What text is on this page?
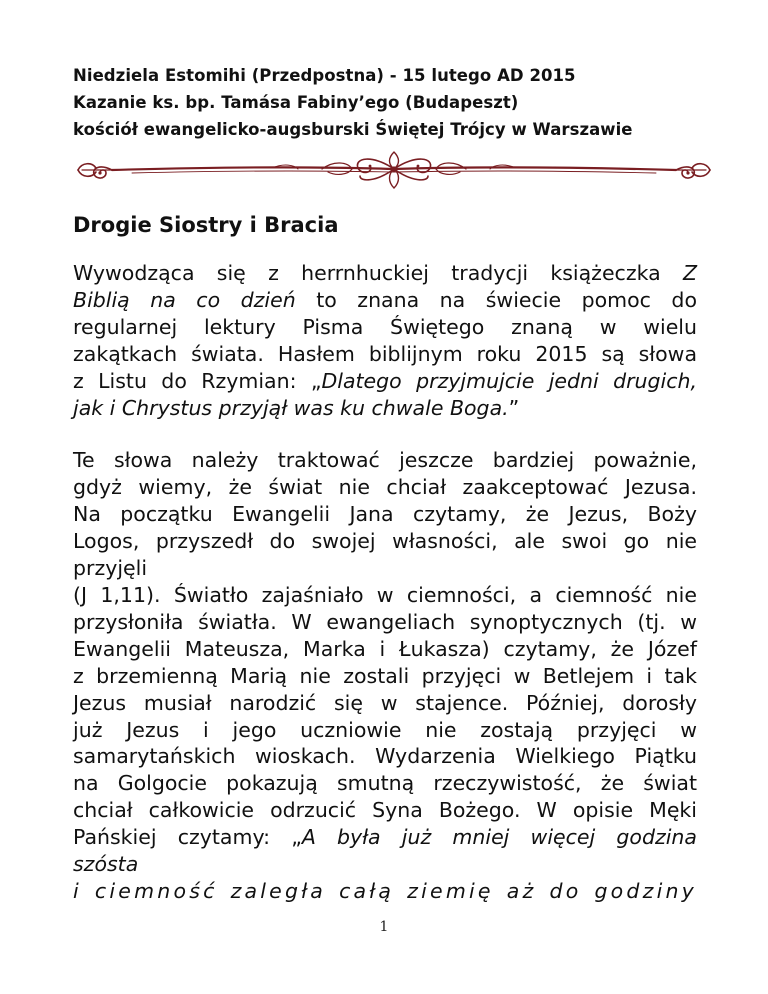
Niedziela Estomihi (Przedpostna) - 15 lutego AD 2015
Kazanie ks. bp. Tamása Fabiny’ego (Budapeszt)
kościół ewangelicko-augsburski Świętej Trójcy w Warszawie
Drogie Siostry i Bracia
Wywodząca się z herrnhuckiej tradycji książeczka Z
Biblią na co dzień to znana na świecie pomoc do
regularnej lektury Pisma Świętego znaną w wielu
zakątkach świata. Hasłem biblijnym roku 2015 są słowa
z Listu do Rzymian: „Dlatego przyjmujcie jedni drugich,
jak i Chrystus przyjął was ku chwale Boga.”
Te słowa należy traktować jeszcze bardziej poważnie,
gdyż wiemy, że świat nie chciał zaakceptować Jezusa.
Na początku Ewangelii Jana czytamy, że Jezus, Boży
Logos, przyszedł do swojej własności, ale swoi go nie
przyjęli
(J 1,11). Światło zajaśniało w ciemności, a ciemność nie
przysłoniła światła. W ewangeliach synoptycznych (tj. w
Ewangelii Mateusza, Marka i Łukasza) czytamy, że Józef
z brzemienną Marią nie zostali przyjęci w Betlejem i tak
Jezus musiał narodzić się w stajence. Później, dorosły
już Jezus i jego uczniowie nie zostają przyjęci w
samarytańskich wioskach. Wydarzenia Wielkiego Piątku
na Golgocie pokazują smutną rzeczywistość, że świat
chciał całkowicie odrzucić Syna Bożego. W opisie Męki
Pańskiej czytamy: „A była już mniej więcej godzina
szósta
i ciemność zaległa całą ziemię aż do godziny
1
